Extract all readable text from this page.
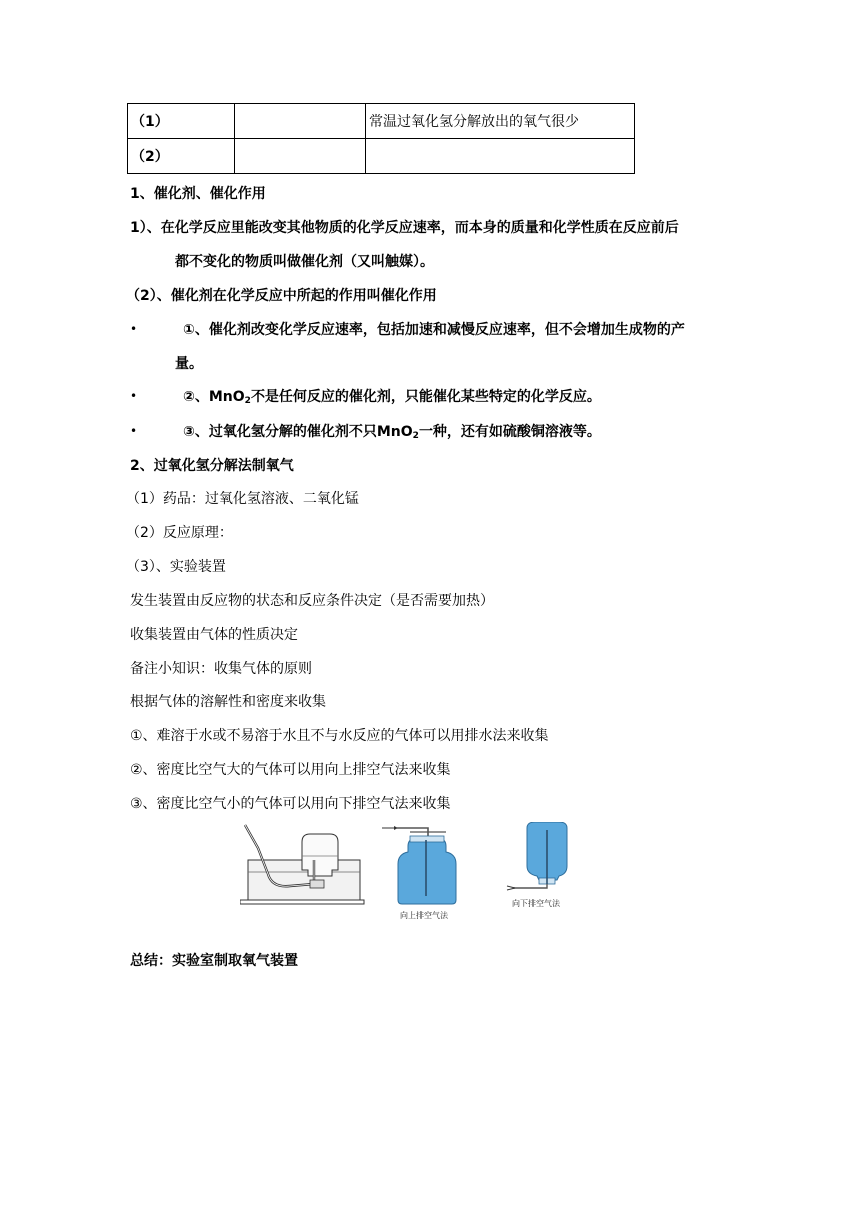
（1）		常温过氧化氢分解放出的氧气很少
（2）		
1、催化剂、催化作用
1）、在化学反应里能改变其他物质的化学反应速率，而本身的质量和化学性质在反应前后
都不变化的物质叫做催化剂（又叫触媒）。
（2）、催化剂在化学反应中所起的作用叫催化作用
•	①、催化剂改变化学反应速率，包括加速和减慢反应速率，但不会增加生成物的产
量。
•	②、MnO$_2$不是任何反应的催化剂，只能催化某些特定的化学反应。
•	③、过氧化氢分解的催化剂不只MnO$_2$一种，还有如硫酸铜溶液等。
2、过氧化氢分解法制氧气
（1）药品：过氧化氢溶液、二氧化锰
（2）反应原理：
（3）、实验装置
发生装置由反应物的状态和反应条件决定（是否需要加热）
收集装置由气体的性质决定
备注小知识：收集气体的原则
根据气体的溶解性和密度来收集
①、难溶于水或不易溶于水且不与水反应的气体可以用排水法来收集
②、密度比空气大的气体可以用向上排空气法来收集
③、密度比空气小的气体可以用向下排空气法来收集
向上排空气法
向下排空气法
总结：实验室制取氧气装置
